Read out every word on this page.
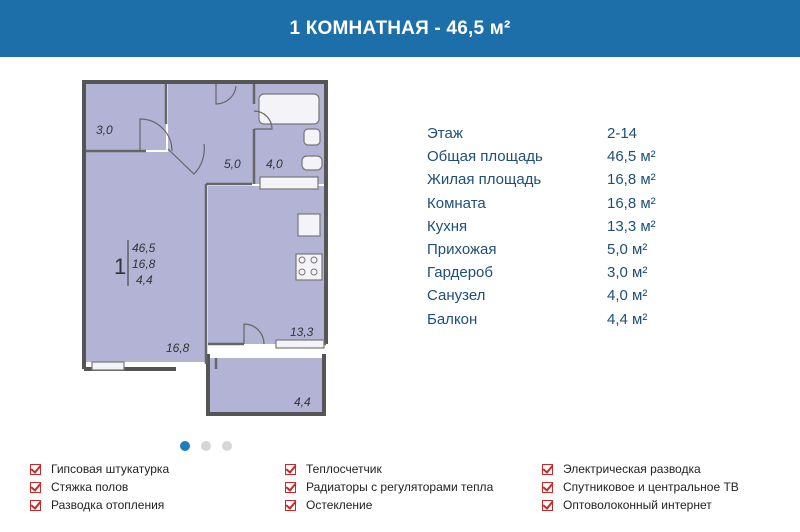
1 КОМНАТНАЯ - 46,5 м²
1
46,5
16,8
4,4
3,0
5,0 4,0
16,8
13,3
4,4
Этаж	2-14
Общая площадь	46,5 м²
Жилая площадь	16,8 м²
Комната	16,8 м²
Кухня	13,3 м²
Прихожая	5,0 м²
Гардероб	3,0 м²
Санузел	4,0 м²
Балкон	4,4 м²
Гипсовая штукатурка
Стяжка полов
Разводка отопления
Теплосчетчик
Радиаторы с регуляторами тепла
Остекление
Электрическая разводка
Спутниковое и центральное ТВ
Оптоволоконный интернет
